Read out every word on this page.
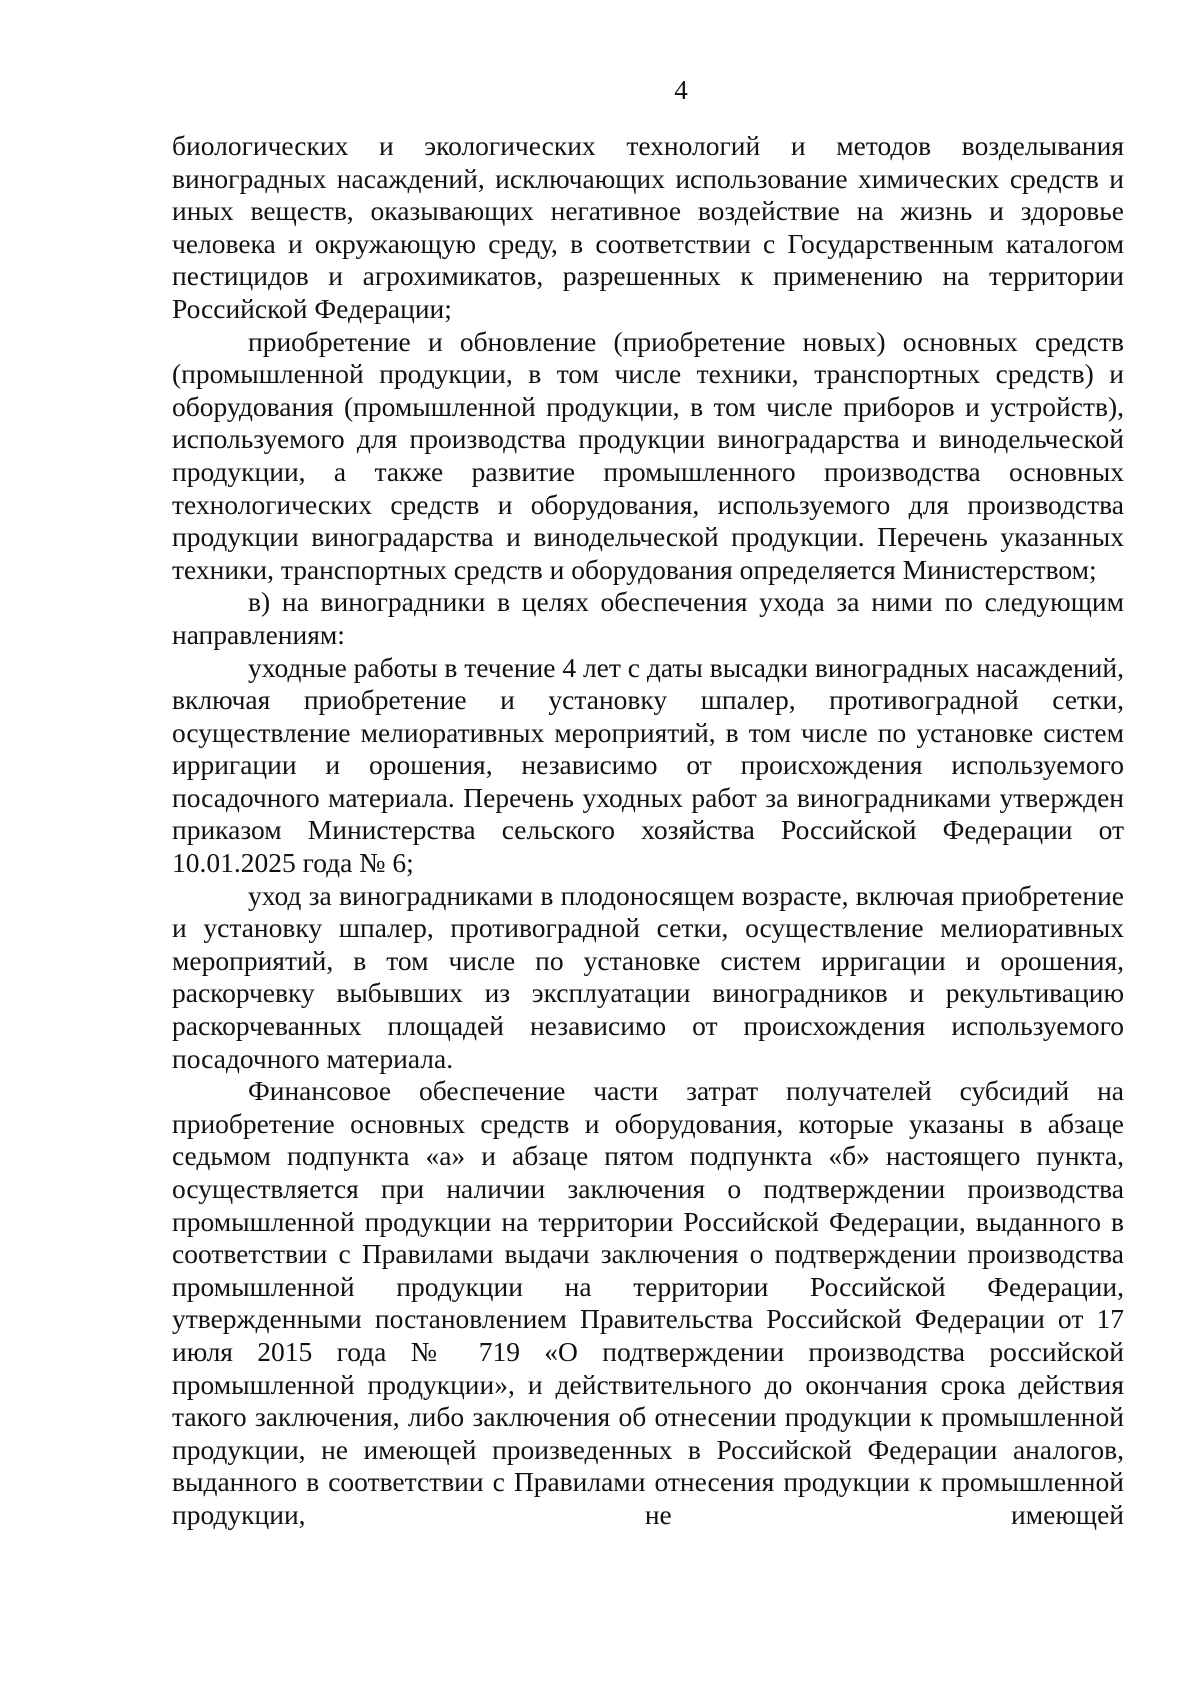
4

биологических и экологических технологий и методов возделывания виноградных насаждений, исключающих использование химических средств и иных веществ, оказывающих негативное воздействие на жизнь и здоровье человека и окружающую среду, в соответствии с Государственным каталогом пестицидов и агрохимикатов, разрешенных к применению на территории Российской Федерации;

приобретение и обновление (приобретение новых) основных средств (промышленной продукции, в том числе техники, транспортных средств) и оборудования (промышленной продукции, в том числе приборов и устройств), используемого для производства продукции виноградарства и винодельческой продукции, а также развитие промышленного производства основных технологических средств и оборудования, используемого для производства продукции виноградарства и винодельческой продукции. Перечень указанных техники, транспортных средств и оборудования определяется Министерством;

в) на виноградники в целях обеспечения ухода за ними по следующим направлениям:

уходные работы в течение 4 лет с даты высадки виноградных насаждений, включая приобретение и установку шпалер, противоградной сетки, осуществление мелиоративных мероприятий, в том числе по установке систем ирригации и орошения, независимо от происхождения используемого посадочного материала. Перечень уходных работ за виноградниками утвержден приказом Министерства сельского хозяйства Российской Федерации от 10.01.2025 года № 6;

уход за виноградниками в плодоносящем возрасте, включая приобретение и установку шпалер, противоградной сетки, осуществление мелиоративных мероприятий, в том числе по установке систем ирригации и орошения, раскорчевку выбывших из эксплуатации виноградников и рекультивацию раскорчеванных площадей независимо от происхождения используемого посадочного материала.

Финансовое обеспечение части затрат получателей субсидий на приобретение основных средств и оборудования, которые указаны в абзаце седьмом подпункта «а» и абзаце пятом подпункта «б» настоящего пункта, осуществляется при наличии заключения о подтверждении производства промышленной продукции на территории Российской Федерации, выданного в соответствии с Правилами выдачи заключения о подтверждении производства промышленной продукции на территории Российской Федерации, утвержденными постановлением Правительства Российской Федерации от 17 июля 2015 года № 719 «О подтверждении производства российской промышленной продукции», и действительного до окончания срока действия такого заключения, либо заключения об отнесении продукции к промышленной продукции, не имеющей произведенных в Российской Федерации аналогов, выданного в соответствии с Правилами отнесения продукции к промышленной продукции, не имеющей
